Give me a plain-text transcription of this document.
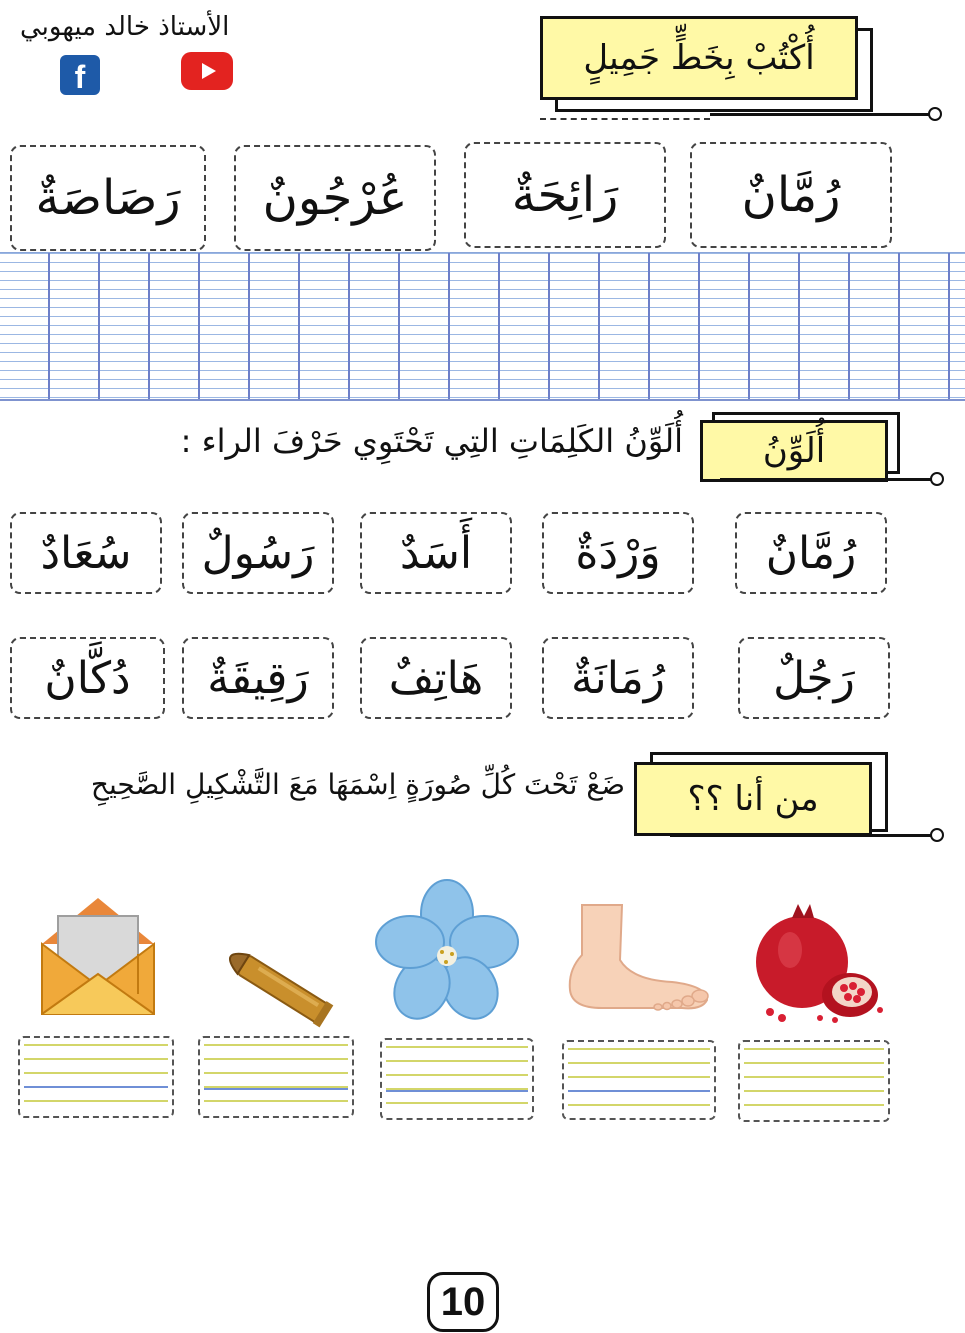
الأستاذ خالد ميهوبي
f	أُكْتُبْ بِخَطٍّ جَمِيلٍ
رُمَّانٌ
رَائِحَةٌ
عُرْجُونٌ
رَصَاصَةٌ
أُلَوِّنُ
أُلَوِّنُ الكَلِمَاتِ التِي تَحْتَوِي حَرْفَ الراء :
رُمَّانٌ
وَرْدَةٌ
أَسَدٌ
رَسُولٌ
سُعَادٌ
رَجُلٌ
رُمَانَةٌ
هَاتِفٌ
رَقِيقَةٌ
دُكَّانٌ
من أنا ؟؟
ضَعْ تَحْتَ كُلِّ صُورَةٍ اِسْمَهَا مَعَ التَّشْكِيلِ الصَّحِيحِ
10
